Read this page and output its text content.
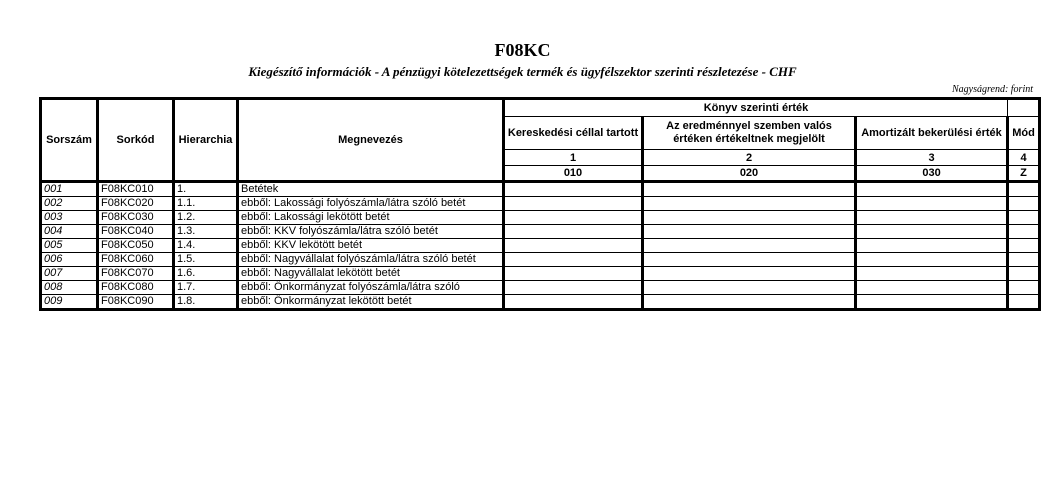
F08KC
Kiegészítő információk - A pénzügyi kötelezettségek termék és ügyfélszektor szerinti részletezése - CHF
Nagyságrend: forint
Sorszám	Sorkód	Hierarchia	Megnevezés	Könyv szerinti érték			
				Kereskedési céllal tartott	Az eredménnyel szemben valós értéken értékeltnek megjelölt	Amortizált bekerülési érték	Mód
				1	2	3	4
				010	020	030	Z
001	F08KC010	1.	Betétek				
002	F08KC020	1.1.	ebből: Lakossági folyószámla/látra szóló betét				
003	F08KC030	1.2.	ebből: Lakossági lekötött betét				
004	F08KC040	1.3.	ebből: KKV folyószámla/látra szóló betét				
005	F08KC050	1.4.	ebből: KKV lekötött betét				
006	F08KC060	1.5.	ebből: Nagyvállalat folyószámla/látra szóló betét				
007	F08KC070	1.6.	ebből: Nagyvállalat lekötött betét				
008	F08KC080	1.7.	ebből: Önkormányzat folyószámla/látra szóló				
009	F08KC090	1.8.	ebből: Önkormányzat lekötött betét				
